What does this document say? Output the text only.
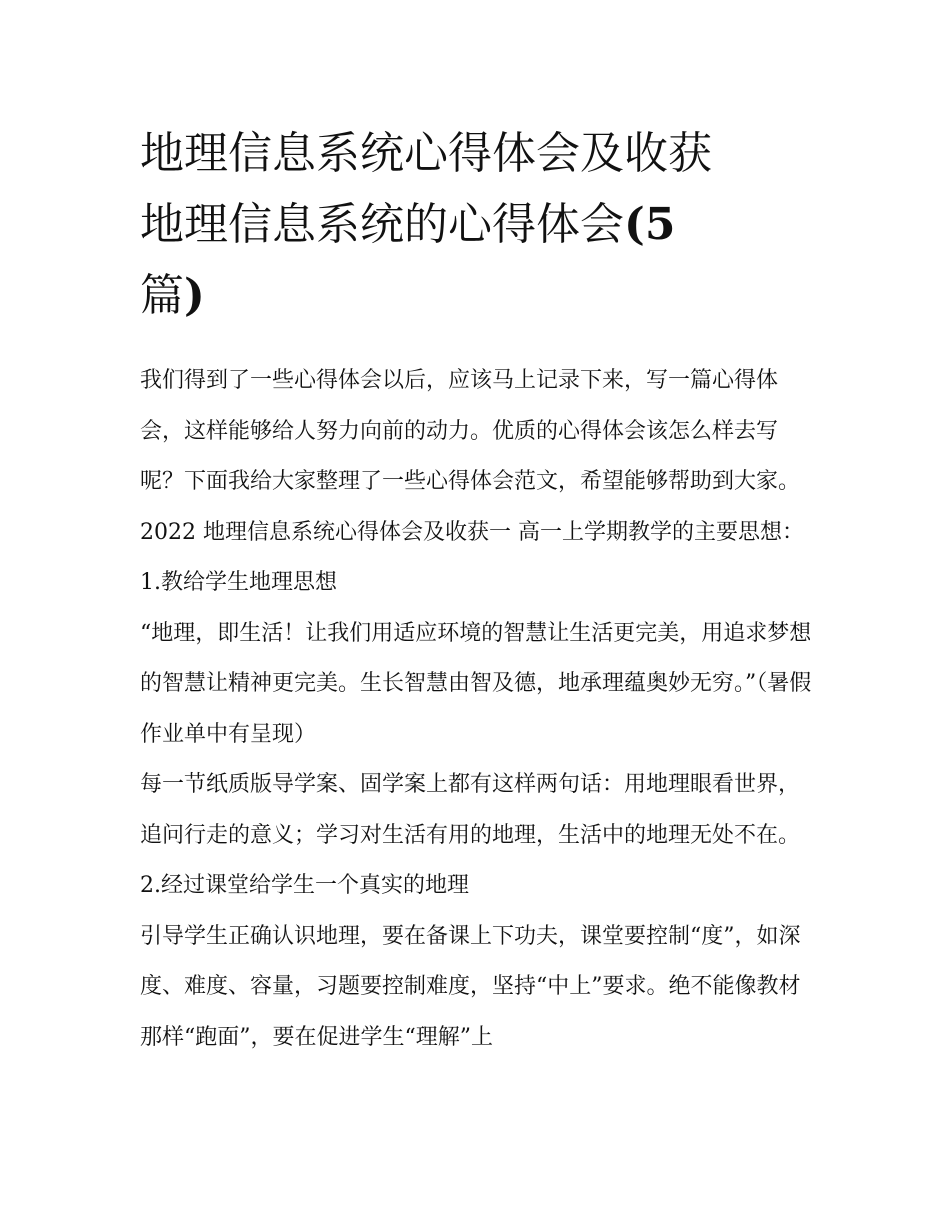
地理信息系统心得体会及收获
地理信息系统的心得体会(5
篇)

我们得到了一些心得体会以后，应该马上记录下来，写一篇心得体会，这样能够给人努力向前的动力。优质的心得体会该怎么样去写呢？下面我给大家整理了一些心得体会范文，希望能够帮助到大家。

2022 地理信息系统心得体会及收获一 高一上学期教学的主要思想： 1.教给学生地理思想

“地理，即生活！让我们用适应环境的智慧让生活更完美，用追求梦想的智慧让精神更完美。生长智慧由智及德，地承理蕴奥妙无穷。”（暑假作业单中有呈现）

每一节纸质版导学案、固学案上都有这样两句话：用地理眼看世界，追问行走的意义；学习对生活有用的地理，生活中的地理无处不在。 2.经过课堂给学生一个真实的地理

引导学生正确认识地理，要在备课上下功夫，课堂要控制“度”，如深度、难度、容量，习题要控制难度，坚持“中上”要求。绝不能像教材那样“跑面”，要在促进学生“理解”上
